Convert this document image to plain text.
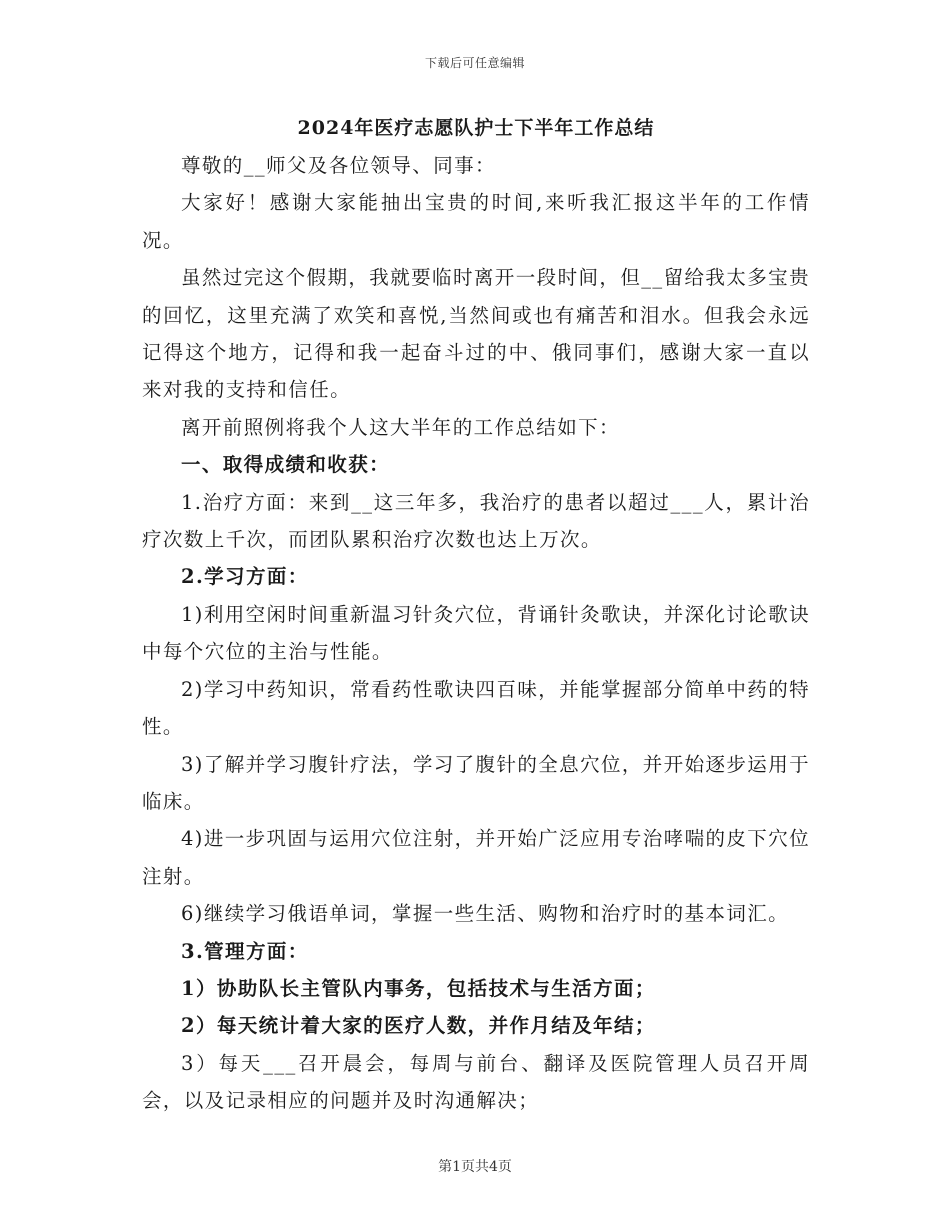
下载后可任意编辑
2024年医疗志愿队护士下半年工作总结

尊敬的__师父及各位领导、同事：

大家好！感谢大家能抽出宝贵的时间,来听我汇报这半年的工作情况。

虽然过完这个假期，我就要临时离开一段时间，但__留给我太多宝贵的回忆，这里充满了欢笑和喜悦,当然间或也有痛苦和泪水。但我会永远记得这个地方，记得和我一起奋斗过的中、俄同事们，感谢大家一直以来对我的支持和信任。

离开前照例将我个人这大半年的工作总结如下：

一、取得成绩和收获：

1.治疗方面：来到__这三年多，我治疗的患者以超过___人，累计治疗次数上千次，而团队累积治疗次数也达上万次。

2.学习方面：

1)利用空闲时间重新温习针灸穴位，背诵针灸歌诀，并深化讨论歌诀中每个穴位的主治与性能。

2)学习中药知识，常看药性歌诀四百味，并能掌握部分简单中药的特性。

3)了解并学习腹针疗法，学习了腹针的全息穴位，并开始逐步运用于临床。

4)进一步巩固与运用穴位注射，并开始广泛应用专治哮喘的皮下穴位注射。

6)继续学习俄语单词，掌握一些生活、购物和治疗时的基本词汇。

3.管理方面：

1）协助队长主管队内事务，包括技术与生活方面；

2）每天统计着大家的医疗人数，并作月结及年结；

3）每天___召开晨会，每周与前台、翻译及医院管理人员召开周会，以及记录相应的问题并及时沟通解决；

第1页共4页
